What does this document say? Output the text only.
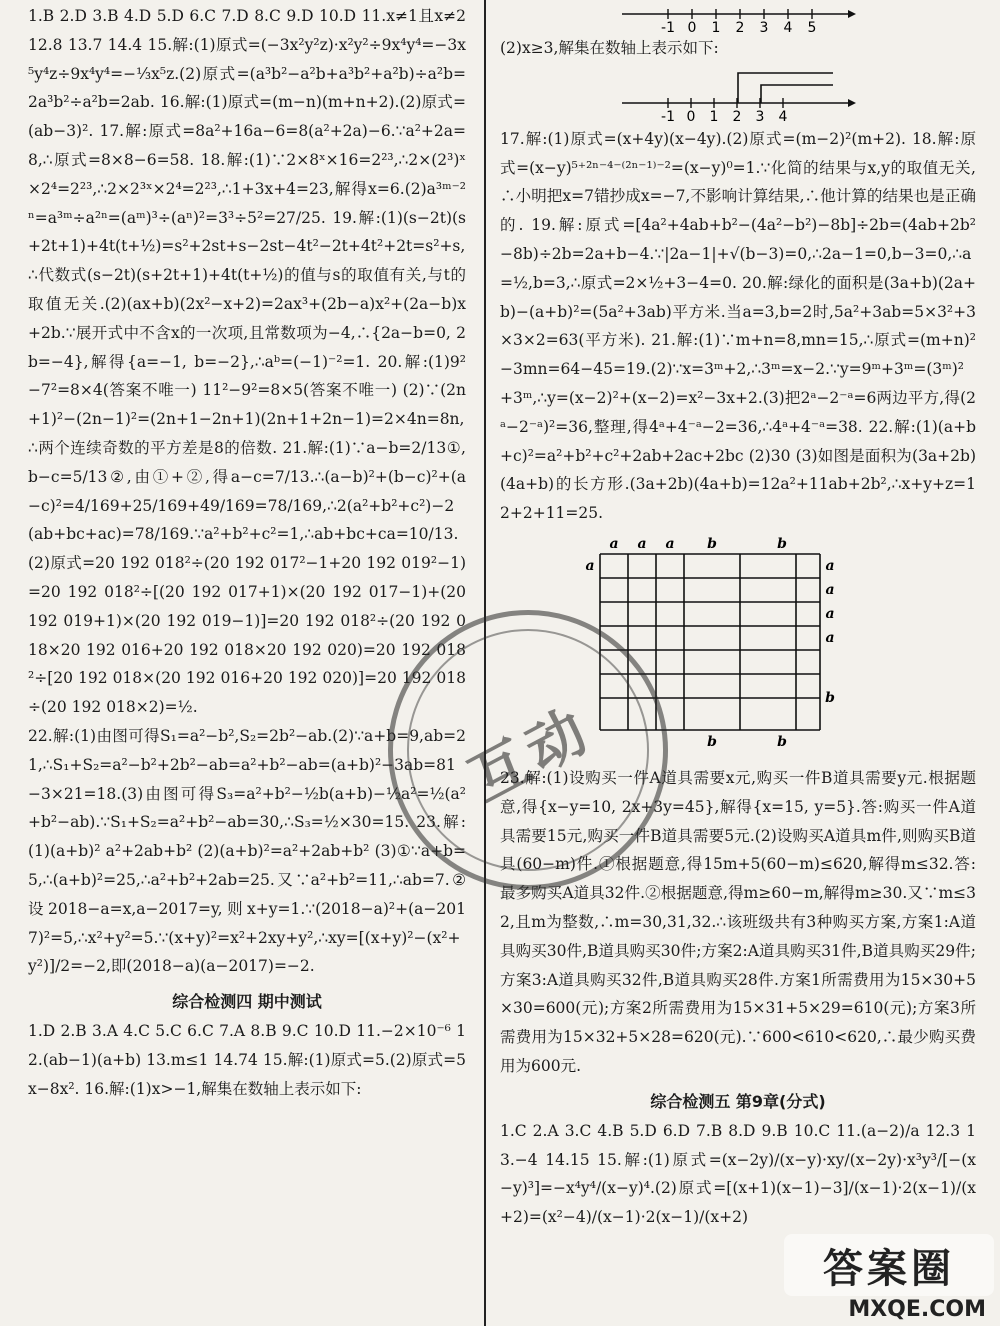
1.B 2.D 3.B 4.D 5.D 6.C 7.D 8.C 9.D 10.D 11.x≠1且x≠2 12.8 13.7 14.4 15.解:(1)原式=(−3x²y²z)·x²y²÷9x⁴y⁴=−3x⁵y⁴z÷9x⁴y⁴=−⅓x⁵z.(2)原式=(a³b²−a²b+a³b²+a²b)÷a²b=2a³b²÷a²b=2ab. 16.解:(1)原式=(m−n)(m+n+2).(2)原式=(ab−3)². 17.解:原式=8a²+16a−6=8(a²+2a)−6.∵a²+2a=8,∴原式=8×8−6=58. 18.解:(1)∵2×8ˣ×16=2²³,∴2×(2³)ˣ×2⁴=2²³,∴2×2³ˣ×2⁴=2²³,∴1+3x+4=23,解得x=6.(2)a³ᵐ⁻²ⁿ=a³ᵐ÷a²ⁿ=(aᵐ)³÷(aⁿ)²=3³÷5²=27/25. 19.解:(1)(s−2t)(s+2t+1)+4t(t+½)=s²+2st+s−2st−4t²−2t+4t²+2t=s²+s,∴代数式(s−2t)(s+2t+1)+4t(t+½)的值与s的取值有关,与t的取值无关.(2)(ax+b)(2x²−x+2)=2ax³+(2b−a)x²+(2a−b)x+2b.∵展开式中不含x的一次项,且常数项为−4,∴{2a−b=0, 2b=−4},解得{a=−1, b=−2},∴aᵇ=(−1)⁻²=1. 20.解:(1)9²−7²=8×4(答案不唯一) 11²−9²=8×5(答案不唯一) (2)∵(2n+1)²−(2n−1)²=(2n+1−2n+1)(2n+1+2n−1)=2×4n=8n,∴两个连续奇数的平方差是8的倍数. 21.解:(1)∵a−b=2/13①,b−c=5/13②,由①+②,得a−c=7/13.∴(a−b)²+(b−c)²+(a−c)²=4/169+25/169+49/169=78/169,∴2(a²+b²+c²)−2(ab+bc+ac)=78/169.∵a²+b²+c²=1,∴ab+bc+ca=10/13.(2)原式=20 192 018²÷(20 192 017²−1+20 192 019²−1)=20 192 018²÷[(20 192 017+1)×(20 192 017−1)+(20 192 019+1)×(20 192 019−1)]=20 192 018²÷(20 192 018×20 192 016+20 192 018×20 192 020)=20 192 018²÷[20 192 018×(20 192 016+20 192 020)]=20 192 018÷(20 192 018×2)=½.

22.解:(1)由图可得S₁=a²−b²,S₂=2b²−ab.(2)∵a+b=9,ab=21,∴S₁+S₂=a²−b²+2b²−ab=a²+b²−ab=(a+b)²−3ab=81−3×21=18.(3)由图可得S₃=a²+b²−½b(a+b)−½a²=½(a²+b²−ab).∵S₁+S₂=a²+b²−ab=30,∴S₃=½×30=15. 23.解:(1)(a+b)² a²+2ab+b² (2)(a+b)²=a²+2ab+b² (3)①∵a+b=5,∴(a+b)²=25,∴a²+b²+2ab=25.又∵a²+b²=11,∴ab=7.②设2018−a=x,a−2017=y,则x+y=1.∵(2018−a)²+(a−2017)²=5,∴x²+y²=5.∵(x+y)²=x²+2xy+y²,∴xy=[(x+y)²−(x²+y²)]/2=−2,即(2018−a)(a−2017)=−2.

综合检测四 期中测试

1.D 2.B 3.A 4.C 5.C 6.C 7.A 8.B 9.C 10.D 11.−2×10⁻⁶ 12.(ab−1)(a+b) 13.m≤1 14.74 15.解:(1)原式=5.(2)原式=5x−8x². 16.解:(1)x>−1,解集在数轴上表示如下:

-1 0 1 2 3 4 5

(2)x≥3,解集在数轴上表示如下:

-1 0 1 2 3 4

17.解:(1)原式=(x+4y)(x−4y).(2)原式=(m−2)²(m+2). 18.解:原式=(x−y)⁵⁺²ⁿ⁻⁴⁻⁽²ⁿ⁻¹⁾⁻²=(x−y)⁰=1.∵化简的结果与x,y的取值无关,∴小明把x=7错抄成x=−7,不影响计算结果,∴他计算的结果也是正确的. 19.解:原式=[4a²+4ab+b²−(4a²−b²)−8b]÷2b=(4ab+2b²−8b)÷2b=2a+b−4.∵|2a−1|+√(b−3)=0,∴2a−1=0,b−3=0,∴a=½,b=3,∴原式=2×½+3−4=0. 20.解:绿化的面积是(3a+b)(2a+b)−(a+b)²=(5a²+3ab)平方米.当a=3,b=2时,5a²+3ab=5×3²+3×3×2=63(平方米). 21.解:(1)∵m+n=8,mn=15,∴原式=(m+n)²−3mn=64−45=19.(2)∵x=3ᵐ+2,∴3ᵐ=x−2.∵y=9ᵐ+3ᵐ=(3ᵐ)²+3ᵐ,∴y=(x−2)²+(x−2)=x²−3x+2.(3)把2ᵃ−2⁻ᵃ=6两边平方,得(2ᵃ−2⁻ᵃ)²=36,整理,得4ᵃ+4⁻ᵃ−2=36,∴4ᵃ+4⁻ᵃ=38. 22.解:(1)(a+b+c)²=a²+b²+c²+2ab+2ac+2bc (2)30 (3)如图是面积为(3a+2b)(4a+b)的长方形.(3a+2b)(4a+b)=12a²+11ab+2b²,∴x+y+z=12+2+11=25.

a a a b	b
a
a
a
a
b
a
b	b

23.解:(1)设购买一件A道具需要x元,购买一件B道具需要y元.根据题意,得{x−y=10, 2x+3y=45},解得{x=15, y=5}.答:购买一件A道具需要15元,购买一件B道具需要5元.(2)设购买A道具m件,则购买B道具(60−m)件.①根据题意,得15m+5(60−m)≤620,解得m≤32.答:最多购买A道具32件.②根据题意,得m≥60−m,解得m≥30.又∵m≤32,且m为整数,∴m=30,31,32.∴该班级共有3种购买方案,方案1:A道具购买30件,B道具购买30件;方案2:A道具购买31件,B道具购买29件;方案3:A道具购买32件,B道具购买28件.方案1所需费用为15×30+5×30=600(元);方案2所需费用为15×31+5×29=610(元);方案3所需费用为15×32+5×28=620(元).∵600<610<620,∴最少购买费用为600元.

综合检测五 第9章(分式)

1.C 2.A 3.C 4.B 5.D 6.D 7.B 8.D 9.B 10.C 11.(a−2)/a 12.3 13.−4 14.15 15.解:(1)原式=(x−2y)/(x−y)·xy/(x−2y)·x³y³/[−(x−y)³]=−x⁴y⁴/(x−y)⁴.(2)原式=[(x+1)(x−1)−3]/(x−1)·2(x−1)/(x+2)=(x²−4)/(x−1)·2(x−1)/(x+2)

互动
答案圈
MXQE.COM
